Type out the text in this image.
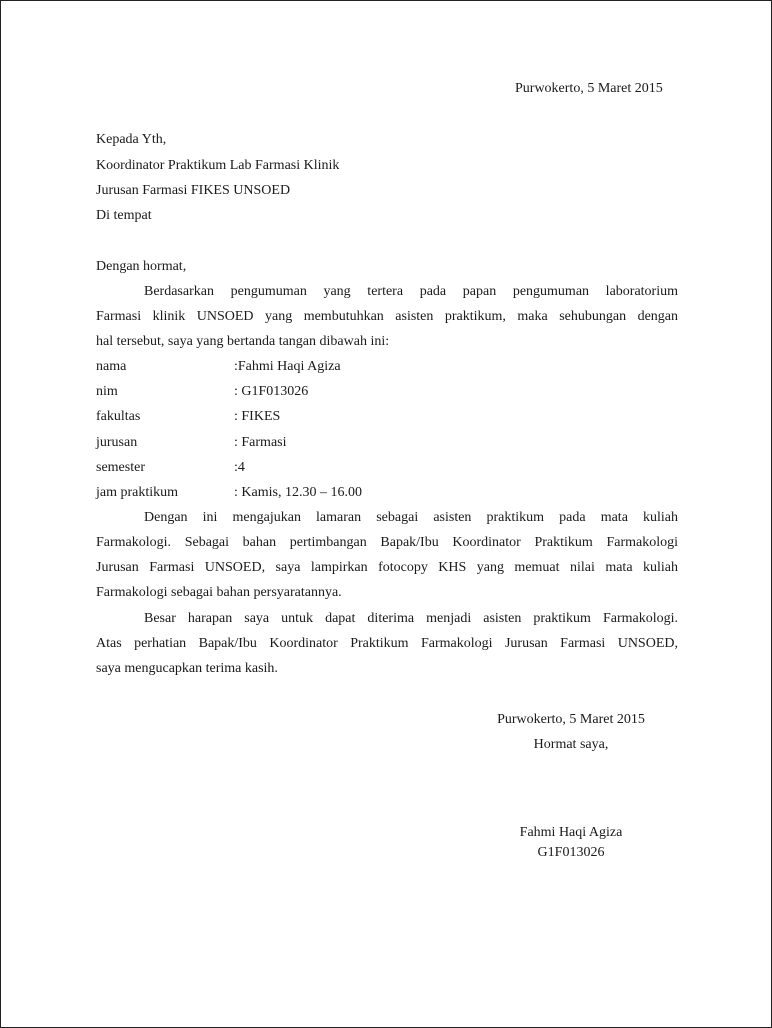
Purwokerto, 5 Maret 2015
Kepada Yth,
Koordinator Praktikum Lab Farmasi Klinik
Jurusan Farmasi FIKES UNSOED
Di tempat
Dengan hormat,
Berdasarkan pengumuman yang tertera pada papan pengumuman laboratorium
Farmasi klinik UNSOED yang membutuhkan asisten praktikum, maka sehubungan dengan
hal tersebut, saya yang bertanda tangan dibawah ini:
nama	:Fahmi Haqi Agiza
nim	: G1F013026
fakultas	: FIKES
jurusan	: Farmasi
semester	:4
jam praktikum	: Kamis, 12.30 – 16.00
Dengan ini mengajukan lamaran sebagai asisten praktikum pada mata kuliah
Farmakologi. Sebagai bahan pertimbangan Bapak/Ibu Koordinator Praktikum Farmakologi
Jurusan Farmasi UNSOED, saya lampirkan fotocopy KHS yang memuat nilai mata kuliah
Farmakologi sebagai bahan persyaratannya.
Besar harapan saya untuk dapat diterima menjadi asisten praktikum Farmakologi.
Atas perhatian Bapak/Ibu Koordinator Praktikum Farmakologi Jurusan Farmasi UNSOED,
saya mengucapkan terima kasih.
Purwokerto, 5 Maret 2015
Hormat saya,
Fahmi Haqi Agiza
G1F013026
